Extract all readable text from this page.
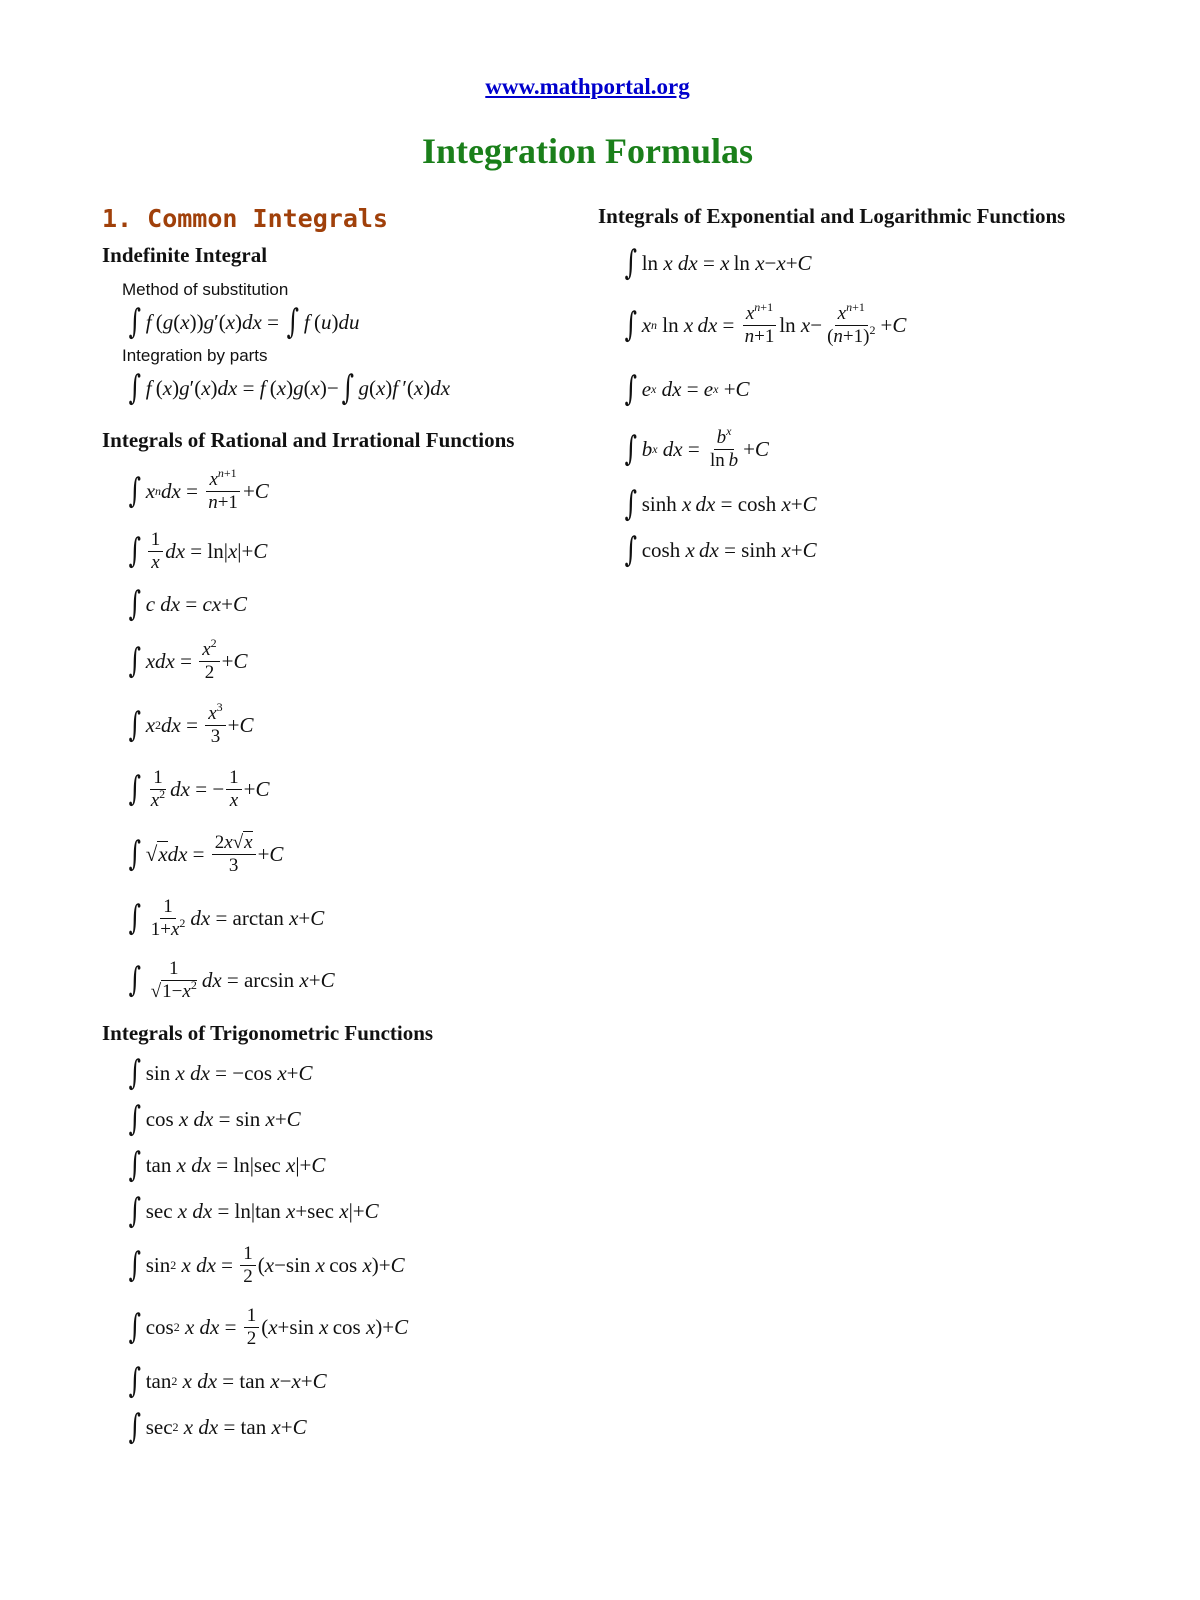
www.mathportal.org
Integration Formulas
1. Common Integrals
Indefinite Integral
Method of substitution
∫ f  ( g ( x )) g ′( x ) dx = ∫ f  ( u ) du
Integration by parts
∫ f  ( x ) g ′( x ) dx = f  ( x ) g ( x )− ∫ g ( x ) f  ′( x ) dx
Integrals of Rational and Irrational Functions
∫ x n dx = $\frac{x^{n+1}}{n+1} + C$
∫ $\frac{1}{x}$ dx = ln| x |+ C
∫ c
dx = cx + C
∫ xdx = $\frac{x^2}{2} + C$
∫ x 2 dx = $\frac{x^3}{3} + C$
∫ $\frac{1}{x^2}$ dx = − $\frac{1}{x} + C$
∫ √ x dx = $\frac{2x√x}{3} + C$
∫ $\frac{1}{1+x^2}$ dx = arctan x + C
∫ $\frac{1}{√1-x^2}$ dx = arcsin x + C
Integrals of Trigonometric Functions
∫ sin x
dx = −cos x + C
∫ cos x
dx = sin x + C
∫ tan x
dx = ln|sec x |+ C
∫ sec x
dx = ln|tan x +sec x |+ C
∫ sin 2
x
dx = $\frac{1}{2}$ ( x −sin x  cos x )+ C
∫ cos 2
x
dx = $\frac{1}{2}$ ( x +sin x  cos x )+ C
∫ tan 2
x
dx = tan x − x + C
∫ sec 2
x
dx = tan x + C
Integrals of Exponential and Logarithmic Functions
∫ ln x
dx = x  ln x − x + C
∫ x n ln x
  dx = $\frac{x^{n+1}}{n+1}$ $\ln x - \frac{x^{n+1}}{(n+1)^2} + C$
∫ e x
dx = e x + C
∫ b x
dx = $\frac{b^x}{\text{ln b}} + C$
∫ sinh x
  dx = cosh x + C
∫ cosh x
  dx = sinh x + C
